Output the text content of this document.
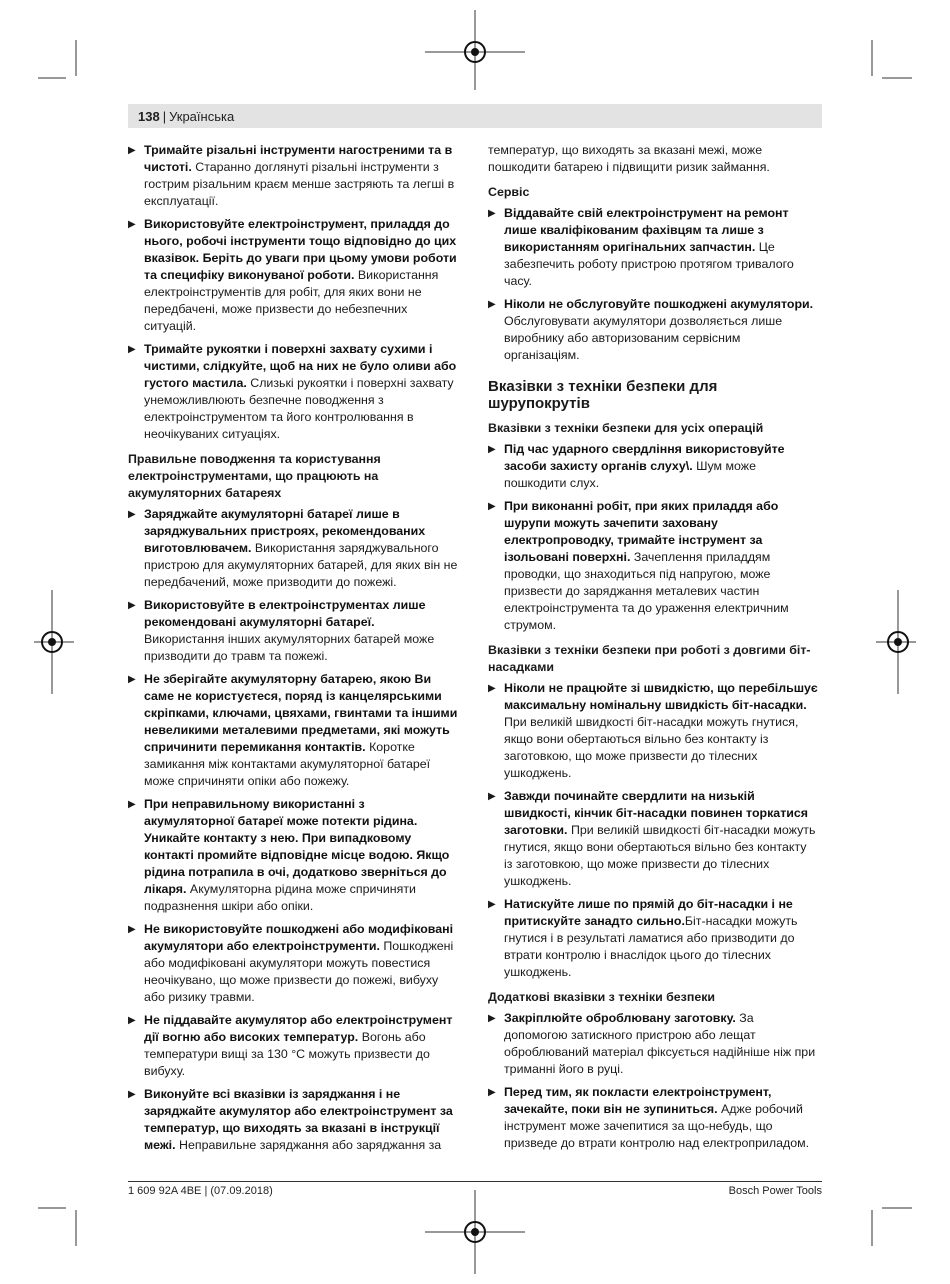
138 | Українська
▶ Тримайте різальні інструменти нагостреними та в чистоті. Старанно доглянуті різальні інструменти з гострим різальним краєм менше застряють та легші в експлуатації.
▶ Використовуйте електроінструмент, приладдя до нього, робочі інструменти тощо відповідно до цих вказівок. Беріть до уваги при цьому умови роботи та специфіку виконуваної роботи. Використання електроінструментів для робіт, для яких вони не передбачені, може призвести до небезпечних ситуацій.
▶ Тримайте рукоятки і поверхні захвату сухими і чистими, слідкуйте, щоб на них не було оливи або густого мастила. Слизькі рукоятки і поверхні захвату унеможливлюють безпечне поводження з електроінструментом та його контролювання в неочікуваних ситуаціях.
Правильне поводження та користування електроінструментами, що працюють на акумуляторних батареях
▶ Заряджайте акумуляторні батареї лише в заряджувальних пристроях, рекомендованих виготовлювачем. Використання заряджувального пристрою для акумуляторних батарей, для яких він не передбачений, може призводити до пожежі.
▶ Використовуйте в електроінструментах лише рекомендовані акумуляторні батареї. Використання інших акумуляторних батарей може призводити до травм та пожежі.
▶ Не зберігайте акумуляторну батарею, якою Ви саме не користуєтеся, поряд із канцелярськими скріпками, ключами, цвяхами, гвинтами та іншими невеликими металевими предметами, які можуть спричинити перемикання контактів. Коротке замикання між контактами акумуляторної батареї може спричиняти опіки або пожежу.
▶ При неправильному використанні з акумуляторної батареї може потекти рідина. Уникайте контакту з нею. При випадковому контакті промийте відповідне місце водою. Якщо рідина потрапила в очі, додатково зверніться до лікаря. Акумуляторна рідина може спричиняти подразнення шкіри або опіки.
▶ Не використовуйте пошкоджені або модифіковані акумулятори або електроінструменти. Пошкоджені або модифіковані акумулятори можуть повестися неочікувано, що може призвести до пожежі, вибуху або ризику травми.
▶ Не піддавайте акумулятор або електроінструмент дії вогню або високих температур. Вогонь або температури вищі за 130 °C можуть призвести до вибуху.
▶ Виконуйте всі вказівки із заряджання і не заряджайте акумулятор або електроінструмент за температур, що виходять за вказані в інструкції межі. Неправильне заряджання або заряджання за
температур, що виходять за вказані межі, може пошкодити батарею і підвищити ризик займання.
Сервіс
▶ Віддавайте свій електроінструмент на ремонт лише кваліфікованим фахівцям та лише з використанням оригінальних запчастин. Це забезпечить роботу пристрою протягом тривалого часу.
▶ Ніколи не обслуговуйте пошкоджені акумулятори. Обслуговувати акумулятори дозволяється лише виробнику або авторизованим сервісним організаціям.
Вказівки з техніки безпеки для шурупокрутів
Вказівки з техніки безпеки для усіх операцій
▶ Під час ударного свердління використовуйте засоби захисту органів слуху\. Шум може пошкодити слух.
▶ При виконанні робіт, при яких приладдя або шурупи можуть зачепити заховану електропроводку, тримайте інструмент за ізольовані поверхні. Зачеплення приладдям проводки, що знаходиться під напругою, може призвести до заряджання металевих частин електроінструмента та до ураження електричним струмом.
Вказівки з техніки безпеки при роботі з довгими біт-насадками
▶ Ніколи не працюйте зі швидкістю, що перебільшує максимальну номінальну швидкість біт-насадки. При великій швидкості біт-насадки можуть гнутися, якщо вони обертаються вільно без контакту із заготовкою, що може призвести до тілесних ушкоджень.
▶ Завжди починайте свердлити на низькій швидкості, кінчик біт-насадки повинен торкатися заготовки. При великій швидкості біт-насадки можуть гнутися, якщо вони обертаються вільно без контакту із заготовкою, що може призвести до тілесних ушкоджень.
▶ Натискуйте лише по прямій до біт-насадки і не притискуйте занадто сильно.Біт-насадки можуть гнутися і в результаті ламатися або призводити до втрати контролю і внаслідок цього до тілесних ушкоджень.
Додаткові вказівки з техніки безпеки
▶ Закріплюйте оброблювану заготовку. За допомогою затискного пристрою або лещат оброблюваний матеріал фіксується надійніше ніж при триманні його в руці.
▶ Перед тим, як покласти електроінструмент, зачекайте, поки він не зупиниться. Адже робочий інструмент може зачепитися за що-небудь, що призведе до втрати контролю над електроприладом.
1 609 92A 4BE | (07.09.2018)	Bosch Power Tools
